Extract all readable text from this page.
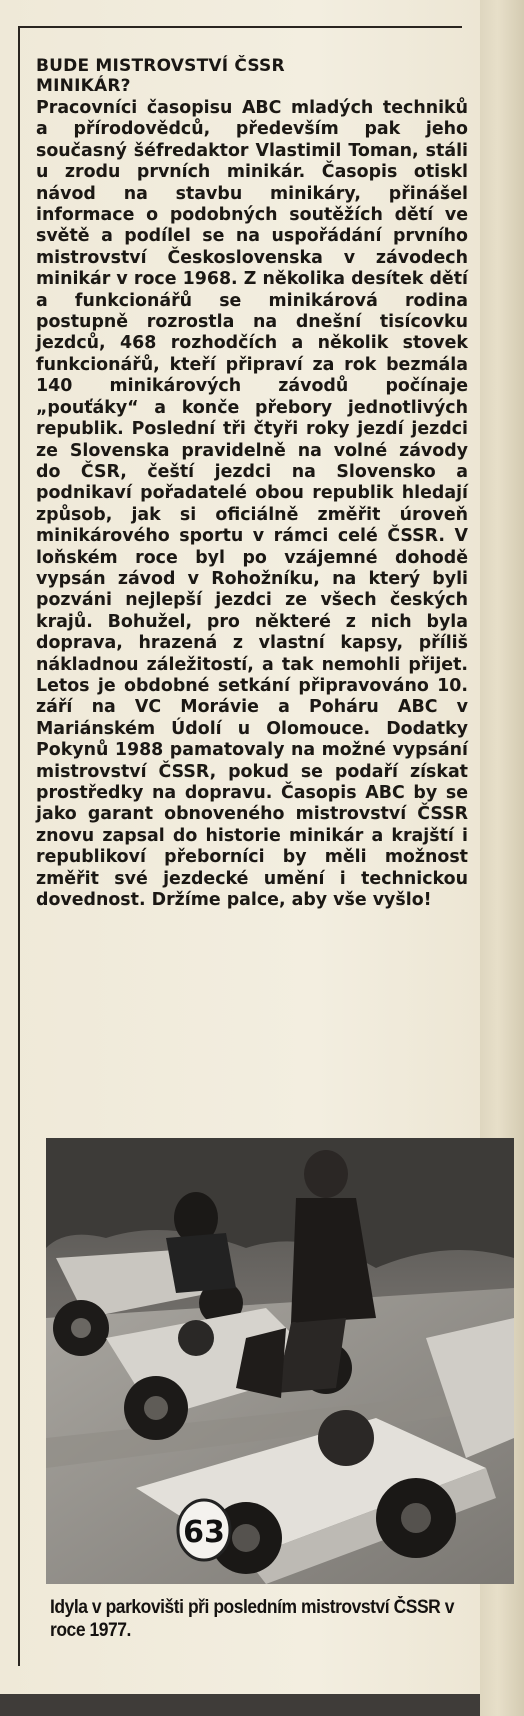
BUDE MISTROVSTVÍ ČSSR
MINIKÁR?

Pracovníci časopisu ABC mladých techniků a přírodovědců, především pak jeho současný šéfredaktor Vlastimil Toman, stáli u zrodu prvních minikár. Časopis otiskl návod na stavbu minikáry, přinášel informace o podobných soutěžích dětí ve světě a podílel se na uspořádání prvního mistrovství Československa v závodech minikár v roce 1968. Z několika desítek dětí a funkcionářů se minikárová rodina postupně rozrostla na dnešní tisícovku jezdců, 468 rozhodčích a několik stovek funkcionářů, kteří připraví za rok bezmála 140 minikárových závodů počínaje „pouťáky“ a konče přebory jednotlivých republik. Poslední tři čtyři roky jezdí jezdci ze Slovenska pravidelně na volné závody do ČSR, čeští jezdci na Slovensko a podnikaví pořadatelé obou republik hledají způsob, jak si oficiálně změřit úroveň minikárového sportu v rámci celé ČSSR. V loňském roce byl po vzájemné dohodě vypsán závod v Rohožníku, na který byli pozváni nejlepší jezdci ze všech českých krajů. Bohužel, pro některé z nich byla doprava, hrazená z vlastní kapsy, příliš nákladnou záležitostí, a tak nemohli přijet. Letos je obdobné setkání připravováno 10. září na VC Morávie a Poháru ABC v Mariánském Údolí u Olomouce. Dodatky Pokynů 1988 pamatovaly na možné vypsání mistrovství ČSSR, pokud se podaří získat prostředky na dopravu. Časopis ABC by se jako garant obnoveného mistrovství ČSSR znovu zapsal do historie minikár a krajští i republikoví přeborníci by měli možnost změřit své jezdecké umění i technickou dovednost. Držíme palce, aby vše vyšlo!

63
Idyla v parkovišti při posledním mistrovství ČSSR v roce 1977.
